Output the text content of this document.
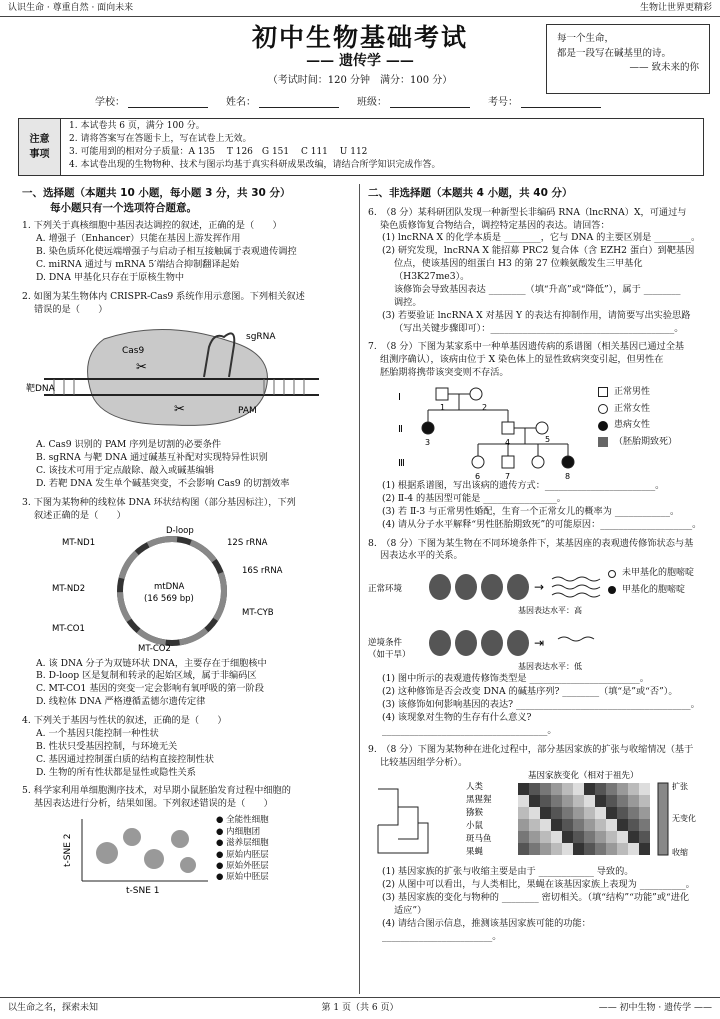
认识生命 · 尊重自然 · 面向未来	生物让世界更精彩
初中生物基础考试
—— 遗传学 ——
（考试时间：120 分钟　满分：100 分）
每一个生命，
都是一段写在碱基里的诗。
—— 致未来的你
学校：	姓名：	班级：	考号：
注意
事项
1. 本试卷共 6 页，满分 100 分。
2. 请将答案写在答题卡上，写在试卷上无效。
3. 可能用到的相对分子质量：A 135　 T 126　G 151　 C 111　 U 112
4. 本试卷出现的生物物种、技术与图示均基于真实科研成果改编，请结合所学知识完成作答。
一、选择题（本题共 10 小题，每小题 3 分，共 30 分）
每小题只有一个选项符合题意。
1. 下列关于真核细胞中基因表达调控的叙述，正确的是（　　）
A. 增强子（Enhancer）只能在基因上游发挥作用
B. 染色质环化使远端增强子与启动子相互接触属于表观遗传调控
C. miRNA 通过与 mRNA 5′端结合抑制翻译起始
D. DNA 甲基化只存在于原核生物中
2. 如图为某生物体内 CRISPR-Cas9 系统作用示意图。下列相关叙述
错误的是（　　）
Cas9
sgRNA
靶DNA
PAM
✂
✂
A. Cas9 识别的 PAM 序列是切割的必要条件
B. sgRNA 与靶 DNA 通过碱基互补配对实现特异性识别
C. 该技术可用于定点敲除、敲入或碱基编辑
D. 若靶 DNA 发生单个碱基突变，不会影响 Cas9 的切割效率
3. 下图为某物种的线粒体 DNA 环状结构图（部分基因标注），下列
叙述正确的是（　　）
D-loop
MT-ND1	12S rRNA
16S rRNA
MT-ND2	mtDNA
(16 569 bp)
MT-CYB
MT-CO1
MT-CO2
A. 该 DNA 分子为双链环状 DNA，主要存在于细胞核中
B. D-loop 区是复制和转录的起始区域，属于非编码区
C. MT-CO1 基因的突变一定会影响有氧呼吸的第一阶段
D. 线粒体 DNA 严格遵循孟德尔遗传定律
4. 下列关于基因与性状的叙述，正确的是（　　）
A. 一个基因只能控制一种性状
B. 性状只受基因控制，与环境无关
C. 基因通过控制蛋白质的结构直接控制性状
D. 生物的所有性状都是显性或隐性关系
5. 科学家利用单细胞测序技术，对早期小鼠胚胎发育过程中细胞的
基因表达进行分析，结果如图。下列叙述错误的是（　　）
t-SNE 2
t-SNE 1
● 全能性细胞
● 内细胞团
● 滋养层细胞
● 原始内胚层
● 原始外胚层
● 原始中胚层
二、非选择题（本题共 4 小题，共 40 分）
6.　（8 分）某科研团队发现一种新型长非编码 RNA（lncRNA）X，可通过与
染色质修饰复合物结合，调控特定基因的表达。请回答：
(1) lncRNA X 的化学本质是 ________，它与 DNA 的主要区别是 ________。
(2) 研究发现，lncRNA X 能招募 PRC2 复合体（含 EZH2 蛋白）到靶基因
位点，使该基因的组蛋白 H3 的第 27 位赖氨酸发生三甲基化（H3K27me3）。
该修饰会导致基因表达 ________（填“升高”或“降低”），属于 ________
调控。
(3) 若要验证 lncRNA X 对基因 Y 的表达有抑制作用，请简要写出实验思路
（写出关键步骤即可）：________________________________________。
7.　（8 分）下图为某家系中一种单基因遗传病的系谱图（相关基因已通过全基
组测序确认），该病由位于 X 染色体上的显性致病突变引起，但男性在
胚胎期将携带该突变则不存活。
Ⅰ
Ⅱ
Ⅲ
1	2
3	4	5
6	7	8
正常男性
正常女性
患病女性
（胚胎期致死）
(1) 根据系谱图，写出该病的遗传方式：________________________。
(2) Ⅱ-4 的基因型可能是 ________________。
(3) 若 Ⅱ-3 与正常男性婚配，生育一个正常女儿的概率为 ____________。
(4) 请从分子水平解释“男性胚胎期致死”的可能原因：____________________。
8.　（8 分）下图为某生物在不同环境条件下，某基因座的表观遗传修饰状态与基
因表达水平的关系。
正常环境
逆境条件
（如干旱）
→
⇥
基因表达水平：高
基因表达水平：低
未甲基化的胞嘧啶
甲基化的胞嘧啶
(1) 图中所示的表观遗传修饰类型是 ________________________。
(2) 这种修饰是否会改变 DNA 的碱基序列? ________（填“是”或“否”）。
(3) 该修饰如何影响基因的表达? ______________________________________。
(4) 该现象对生物的生存有什么意义? ____________________________________。
9.　（8 分）下图为某物种在进化过程中，部分基因家族的扩张与收缩情况（基于
比较基因组学分析）。
基因家族变化（相对于祖先）
人类
黑猩猩
猕猴
小鼠
斑马鱼
果蝇
扩张
无变化
收缩
(1) 基因家族的扩张与收缩主要是由于 ____________ 导致的。
(2) 从图中可以看出，与人类相比，果蝇在该基因家族上表现为 __________。
(3) 基因家族的变化与物种的 ________ 密切相关。（填“结构”“功能”或“进化
适应”）
(4) 请结合图示信息，推测该基因家族可能的功能：________________________。
以生命之名，探索未知	第 1 页（共 6 页）	—— 初中生物 · 遗传学 ——
